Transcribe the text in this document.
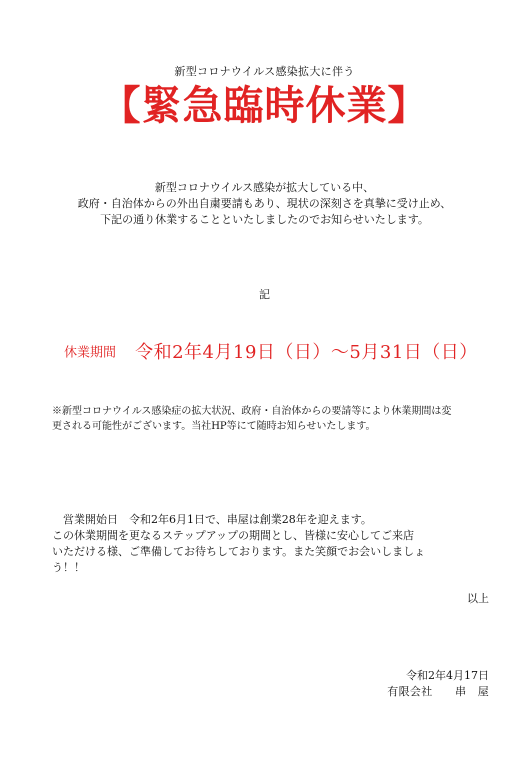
新型コロナウイルス感染拡大に伴う
【緊急臨時休業】
新型コロナウイルス感染が拡大している中、
政府・自治体からの外出自粛要請もあり、現状の深刻さを真摯に受け止め、
下記の通り休業することといたしましたのでお知らせいたします。
記
休業期間 令和2年4月19日（日）〜5月31日（日）
※新型コロナウイルス感染症の拡大状況、政府・自治体からの要請等により休業期間は変
更される可能性がございます。当社HP等にて随時お知らせいたします。
　営業開始日　令和2年6月1日で、串屋は創業28年を迎えます。
この休業期間を更なるステップアップの期間とし、皆様に安心してご来店
いただける様、ご準備してお待ちしております。また笑顔でお会いしましょ
う！！
以上
令和2年4月17日
有限会社　　串　屋
